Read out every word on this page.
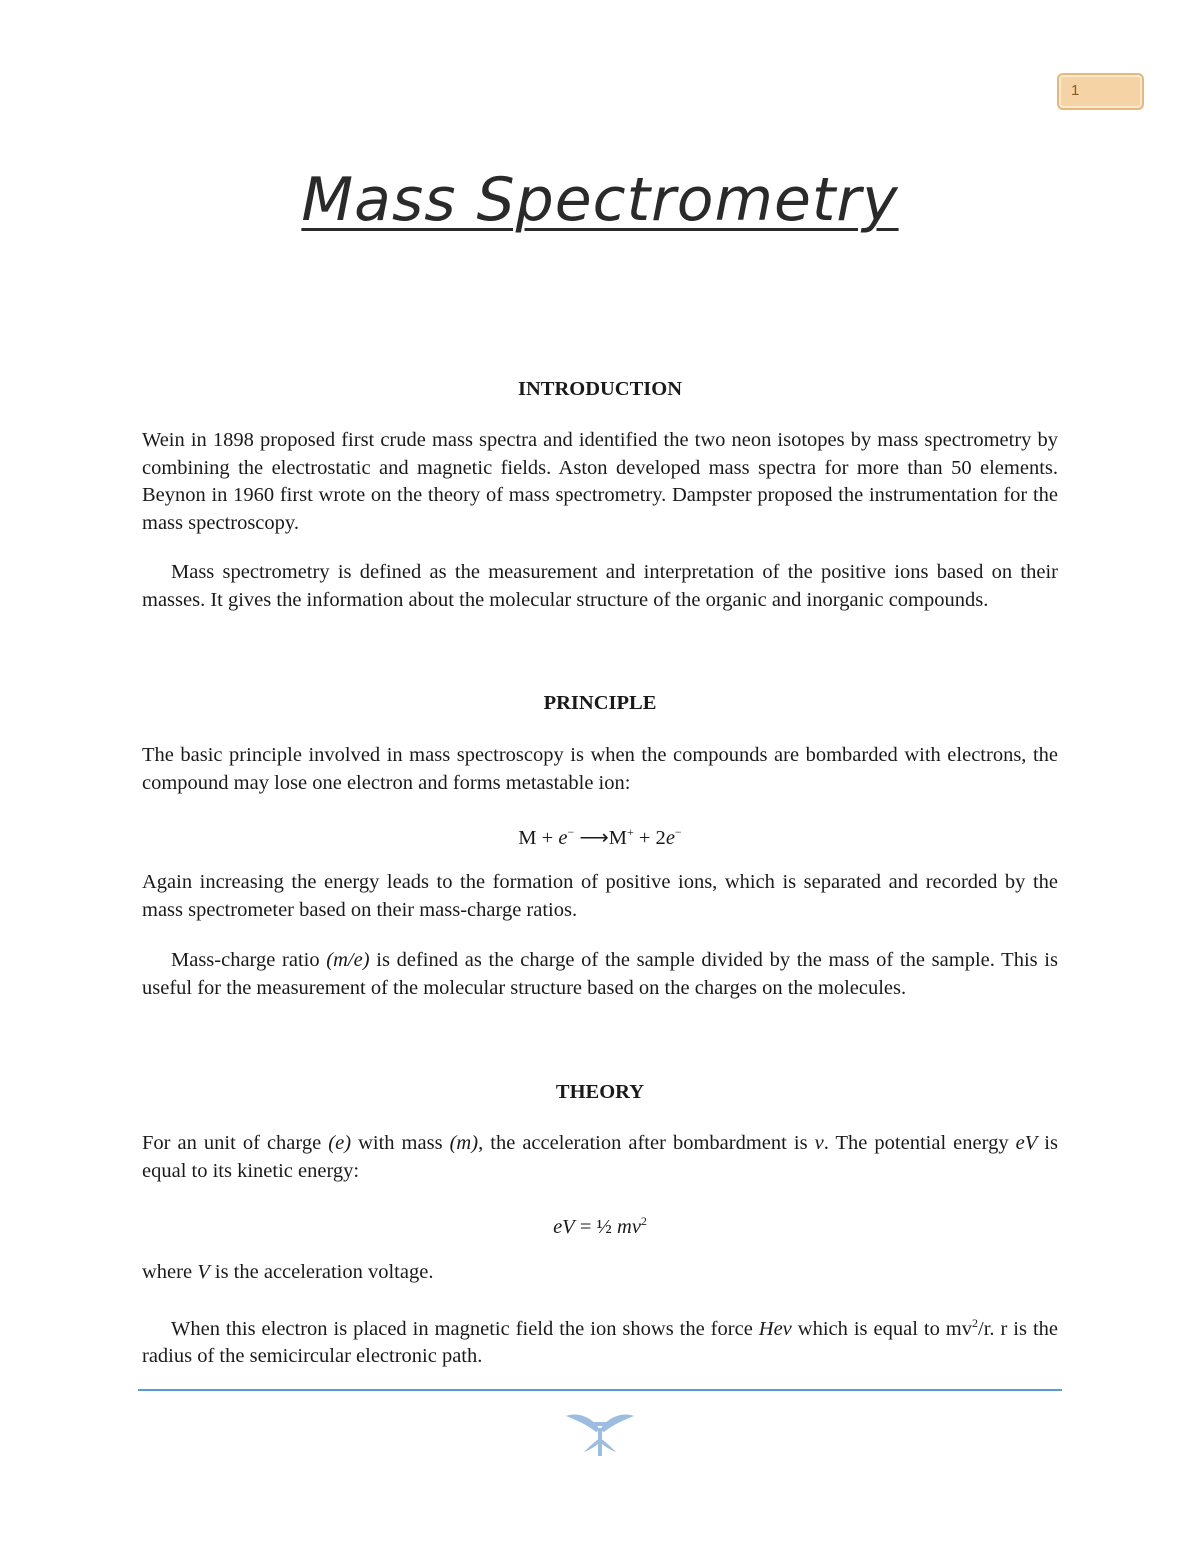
1
Mass Spectrometry
INTRODUCTION

Wein in 1898 proposed first crude mass spectra and identified the two neon isotopes by mass spectrometry by combining the electrostatic and magnetic fields. Aston developed mass spectra for more than 50 elements. Beynon in 1960 first wrote on the theory of mass spectrometry. Dampster proposed the instrumentation for the mass spectroscopy.

Mass spectrometry is defined as the measurement and interpretation of the positive ions based on their masses. It gives the information about the molecular structure of the organic and inorganic compounds.

PRINCIPLE

The basic principle involved in mass spectroscopy is when the compounds are bombarded with electrons, the compound may lose one electron and forms metastable ion:

M + e− ⟶M+ + 2e−

Again increasing the energy leads to the formation of positive ions, which is separated and recorded by the mass spectrometer based on their mass-charge ratios.

Mass-charge ratio (m/e) is defined as the charge of the sample divided by the mass of the sample. This is useful for the measurement of the molecular structure based on the charges on the molecules.

THEORY

For an unit of charge (e) with mass (m), the acceleration after bombardment is v. The potential energy eV is equal to its kinetic energy:

eV = ½ $mv^2$

where V is the acceleration voltage.

When this electron is placed in magnetic field the ion shows the force Hev which is equal to $mv^2/r$. r is the radius of the semicircular electronic path.
